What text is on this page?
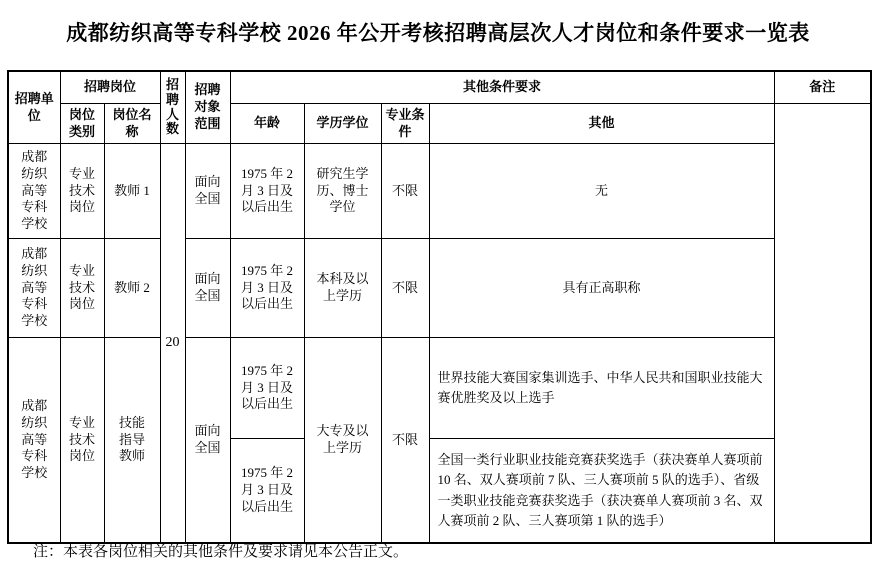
成都纺织高等专科学校 2026 年公开考核招聘高层次人才岗位和条件要求一览表
招聘单位	招聘岗位		招聘人数	招聘对象范围	其他条件要求				备注
	岗位类别	岗位名称			年龄	学历学位	专业条件	其他	
成都纺织高等专科学校	专业技术岗位	教师 1	20	面向全国	1975 年 2 月 3 日及以后出生	研究生学历、博士学位	不限	无	
成都纺织高等专科学校	专业技术岗位	教师 2		面向全国	1975 年 2 月 3 日及以后出生	本科及以上学历	不限	具有正高职称	
成都纺织高等专科学校	专业技术岗位	技能指导教师		面向全国	1975 年 2 月 3 日及以后出生	大专及以上学历	不限	世界技能大赛国家集训选手、中华人民共和国职业技能大赛优胜奖及以上选手	
					1975 年 2 月 3 日及以后出生			全国一类行业职业技能竞赛获奖选手（获决赛单人赛项前 10 名、双人赛项前 7 队、三人赛项前 5 队的选手）、省级一类职业技能竞赛获奖选手（获决赛单人赛项前 3 名、双人赛项前 2 队、三人赛项第 1 队的选手）	
注：本表各岗位相关的其他条件及要求请见本公告正文。
